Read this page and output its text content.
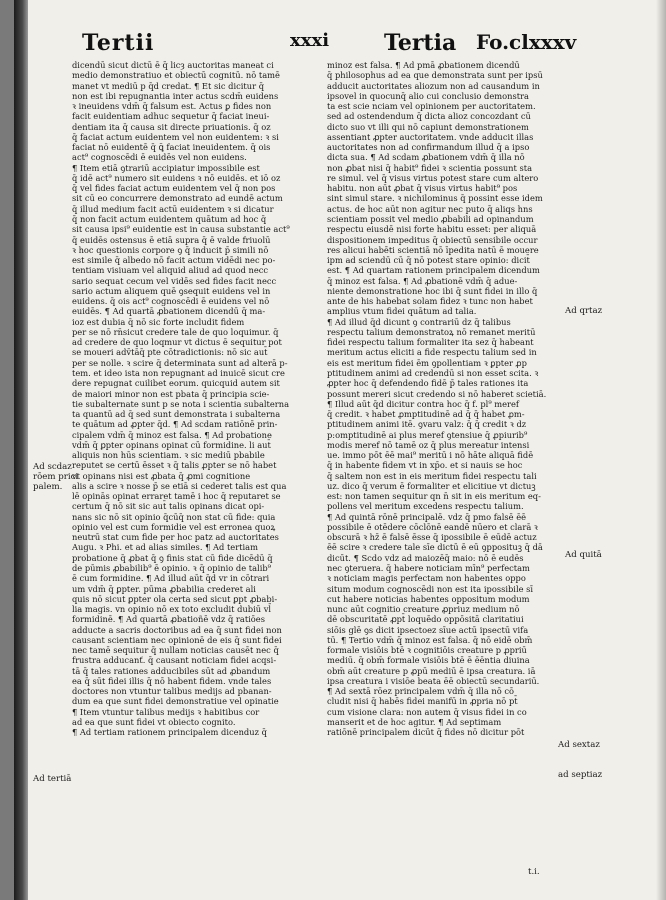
Tertii	xxxi Tertia Fo.clxxxv

dicendū sicut dictū ē q̄ licȝ auctoritas maneat ci

medio demonstratiuo et obiectū cognitū. nō tamē

manet vt mediū p q̄d credat. ¶ Et sic dicitur q̄

non est ibi repugnantia inter actus scdm̄ euidens

ꝛ ineuidens vdm̄ q̄ falsum est. Actus ꝑ fides non

facit euidentiam adhuc sequetur q̄ faciat ineui-

dentiam ita q̄ causa sit directe priuationis. q̄ oz

q̄ faciat actum euidentem vel non euidentem: ꝛ si

faciat nō euidentē q̄ ꝗ̄ faciat ineuidentem. q̄ ois

act⁹ cognoscēdi ē euidēs vel non euidens.

¶ Item etiā ꝯtrariū accipiatur impossibile est

q̄ idē act⁹ numero sit euidens ꝛ nō euidēs. et iō oz

q̄ vel fides faciat actum euidentem vel q̄ non pos

sit cū eo concurrere demonstrato ad eundē actum

q̄ illud medium facit actū euidentem ꝛ si dicatur

q̄ non facit actum euidentem quātum ad hoc q̄

sit causa ipsi⁹ euidentie est in causa substantie act⁹

q̄ euidēs ostensus ē etiā supra q̄ ē valde friuolū

ꝛ hoc questionis corpore ꝯ q̄ inducit p̄ simili nō

est simile q̄ albedo nō facit actum vidēdi nec po-

tentiam visiuam vel aliquid aliud ad quod necc

sario sequat cecum vel vidēs sed fides facit necc

sario actum aliquem quē ꝯsequit euidens vel in

euidens. q̄ ois act⁹ cognoscēdi ē euidens vel nō

euidēs. ¶ Ad quartā ꝓbationem dicendū q̄ ma-

ioz est dubia q̄ nō sic forte includit fidem

per se nō rn̄sicut credere tale de quo loquimur. q̄

ad credere de quo loqmur vt dictus ē sequitur pot

se moueri adv̄tāq̄ pte cōtradictionis: nō sic aut̄

per se nolle. ꝛ scire q̄ determinata sunt ad alterā p-

tem. et ideo ista non repugnant ad inuicē sicut cre

dere repugnat cuilibet eorum. quicquid autem sit

de maiori minor non est pbata q̄ principia scie-

tie subalternate sunt p se nota i scientia subalterna

ta quantū ad q̄ sed sunt demonstrata i subalterna

te quātum ad ꝓpter q̄d. ¶ Ad scdam ratiōnē prin-

cipalem vdm̄ q̄ minoz est falsa. ¶ Ad probatione

vdm̄ q̄ ꝑpter opinans opinat cū formidine. li aut̄

aliquis non hūs scientiam. ꝛ sic mediū pbabile

reputet se certū ēsset ꝛ q̄ talis ꝓpter se nō habet

vt opinans nisi est ꝓbata q̄ ꝓmi cognitione

alis a scire ꝛ nosse p̄ se etiā si cederet talis est qua

lē opinās opinat erraret tamē i hoc q̄ reputaret se

certum q̄ nō sit sic aut̄ talis opinans dicat opi-

nans sic nō sit opinio q̄cūq̄ non stat cū fide: quia

opinio vel est cum formidie vel est erronea quoꝝ

neutrū stat cum fide per hoc patz ad auctoritates

Augu. ꝛ Phi. et ad alias similes. ¶ Ad tertiam

probatione q̄ ꝓbat q̄ ꝯ finis stat cū fide dicēdū q̄

de pūmis ꝓbabilib⁹ ē opinio. ꝛ q̄ opinio de talib⁹

ē cum formidine. ¶ Ad illud aūt q̄d vr in cōtrari

um vdm̄ q̄ ꝑpter. pūma ꝓbabilia crederet ali

quis nō sicut ꝑpter ola certa sed sicut ꝑpt ꝓbabi-

lia magis. vn opinio nō ex toto excludit dubiū vl̄

formidinē. ¶ Ad quartā ꝓbatioñē vdz q̄ ratiōes

adducte a sacris doctoribus ad ea q̄ sunt fidei non

causant scientiam nec opinionē de eis q̄ sunt fidei

nec tamē sequitur q̄ nullam noticias causēt nec q̄

frustra adducanť. q̄ causant noticiam fidei acqsi-

tā q̄ tales rationes adducibiles sūt ad ꝓbandum

ea q̄ sūt fidei illis q̄ nō habent fidem. vnde tales

doctores non vtuntur talibus medijs ad pbanan-

dum ea que sunt fidei demonstratiue vel opinatie

¶ Item vtuntur talibus medijs ꝛ habitibus cor

ad ea que sunt fidei vt obiecto cognito.

¶ Ad tertiam rationem principalem dicenduz q̄

minoz est falsa. ¶ Ad pmā ꝓbationem dicendū

q̄ philosophus ad ea que demonstrata sunt per ipsū

adducit auctoritates aliozum non ad causandum in

ipsovel in quocunq̄ alio cui conclusio demonstra

ta est scie nciam vel opinionem per auctoritatem.

sed ad ostendendum q̄ dicta alioz concozdant cū

dicto suo vt illi qui nō capiunt demonstrationem

assentiant ꝓpter auctoritatem. vnde adducit illas

auctoritates non ad confirmandum illud q̄ a ipso

dicta sua. ¶ Ad scdam ꝓbationem vdm̄ q̄ illa nō

non ꝓbat nisi q̄ habit⁹ fidei ꝛ scientia possunt sta

re simul. vel q̄ visus virtus potest stare cum altero

habitu. non aūt ꝓbat q̄ visus virtus habit⁹ pos

sint simul stare. ꝛ nichilominus q̄ possint esse idem

actus. de hoc aūt non agitur nec puto q̄ aliqs hns

scientiam possit vel medio ꝓbabili ad opinandum

respectu eiusdē nisi forte habitu esset: per aliquā

dispositionem impeditus q̄ obiectū sensibile occur

res alicui habēti scientiā nō īpedita natū ē mouere

ipm ad sciendū cū q̄ nō potest stare opinio: dicit̄

est. ¶ Ad quartam rationem principalem dicendum

q̄ minoz est falsa. ¶ Ad ꝓbationē vdm̄ q̄ adue-

niente demonstratione hoc ibi q̄ sunt fidei in illo q̄

ante de his habebat solam fidez ꝛ tunc non habet

amplius vtum fidei quātum ad talia.

¶ Ad illud q̄d dicunt ꝯ contrariū dz q̄ talibus

respectu talium demonstratoꝝ nō remanet meritū

fidei respectu talium formaliter ita sez q̄ habeant

meritum actus eliciti a fide respectu talium sed in

eis est meritum fidei ēm ꝯpollentiam ꝛ ꝑpter ꝓp

ptitudinem animi ad credendū si non esset scita. ꝛ

ꝓpter hoc q̄ defendendo fidē p̄ tales rationes ita

possunt mereri sicut credendo si nō haberet scietiā.

¶ Illud aūt q̄d dicitur contra hoc q̄ f. pl⁹ meref

q̄ credit. ꝛ habet ꝓmptitudinē ad q̄ q̄ habet ꝓm-

ptitudinem animi itē. ꝯvaru valz: q̄ q̄ credit ꝛ dz

p:omptitudinē ai plus meref ꝯtensiue q̄ ꝓpiurib⁹

modis meref nō tamē oz q̄ plus mereatur intensi

ue. immo pōt ēē mai⁹ meritū i nō hāte aliquā fidē

q̄ in habente fidem vt in xp̄o. et si nauis se hoc

q̄ saltem non est in eis meritum fidei respectu tali

uz. dico q̄ verum ē formaliter et elicitiue vt dictuꝫ

est: non tamen sequitur qn n̄ sit in eis meritum eq-

pollens vel meritum excedens respectu talium.

¶ Ad quintā rōnē principalē. vdz q̄ pmo falsē ēē

possibile ē otēdere cōclōnē eandē nūero et clarā ꝛ

obscurā ꝛ hz̄ ē falsē ēsse q̄ ipossibile ē eūdē actuz

ēē scire ꝛ credere tale sīe dictū ē eū ꝯpposituꝫ q̄ dā

dicūt. ¶ Scdo vdz ad maiozēq̄ maio: nō ē eudēs

nec ꝯteruera. q̄ habere noticiam mīn⁹ perfectam

ꝛ noticiam magis perfectam non habentes oppo

situm modum cognoscēdi non est ita ipossibile sī

cut habere noticias habentes oppositum modum

nunc aūt cognitio creature ꝓpriuz medium nō

dē obscuritatē ꝓpt̄ loquēdo oppōsitā claritatiui

siōis glē ꝯs dicit ipsectoez sīue actū ipsectū vifa

tū. ¶ Tertio vdm̄ q̄ minoz est falsa. q̄ nō eidē obm̄

formale visiōis btē ꝛ cognitiōis creature p ꝓpriū

mediū. q̄ obm̄ formale visiōis btē ē ēēntia diuina

obm̄ aūt creature p ꝓpū mediū ē ipsa creatura. iā

ipsa creatura i visiōe beata ēē obiectū secundariū.

¶ Ad sextā rōez principalem vdm̄ q̄ illa nō cō

cludit nisi q̄ habēs fidei manifū in ꝓpria nō pt̄

cum visione clara: non autem q̄ visus fidei in co

manserit et de hoc agitur. ¶ Ad septimam

ratiōnē principalem dicūt q̄ fides nō dicitur pōt

Ad scdaz
rōem prici
palem.
Ad tertiā
Ad qrtaz
Ad quitā
Ad sextaz
ad septiaz
t.i.
